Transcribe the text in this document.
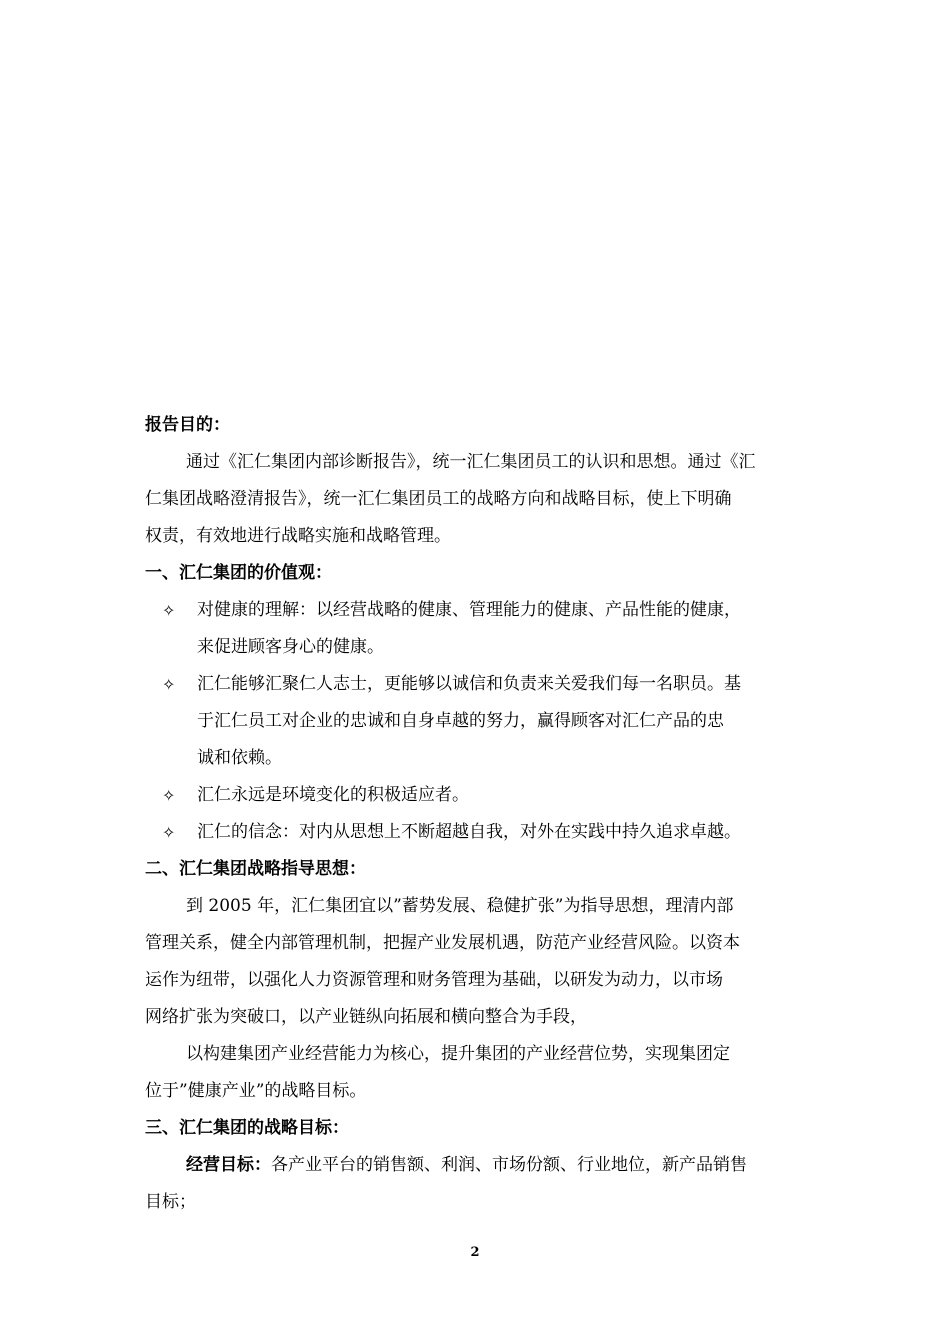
报告目的：
通过《汇仁集团内部诊断报告》，统一汇仁集团员工的认识和思想。通过《汇
仁集团战略澄清报告》，统一汇仁集团员工的战略方向和战略目标，使上下明确
权责，有效地进行战略实施和战略管理。
一、汇仁集团的价值观：
✧ 对健康的理解：以经营战略的健康、管理能力的健康、产品性能的健康，
来促进顾客身心的健康。
✧ 汇仁能够汇聚仁人志士，更能够以诚信和负责来关爱我们每一名职员。基
于汇仁员工对企业的忠诚和自身卓越的努力，赢得顾客对汇仁产品的忠
诚和依赖。
✧ 汇仁永远是环境变化的积极适应者。
✧ 汇仁的信念：对内从思想上不断超越自我，对外在实践中持久追求卓越。
二、汇仁集团战略指导思想：
到 2005 年，汇仁集团宜以”蓄势发展、稳健扩张”为指导思想，理清内部
管理关系，健全内部管理机制，把握产业发展机遇，防范产业经营风险。以资本
运作为纽带，以强化人力资源管理和财务管理为基础，以研发为动力，以市场
网络扩张为突破口，以产业链纵向拓展和横向整合为手段，
以构建集团产业经营能力为核心，提升集团的产业经营位势，实现集团定
位于”健康产业”的战略目标。
三、汇仁集团的战略目标：
经营目标：各产业平台的销售额、利润、市场份额、行业地位，新产品销售
目标；
2
